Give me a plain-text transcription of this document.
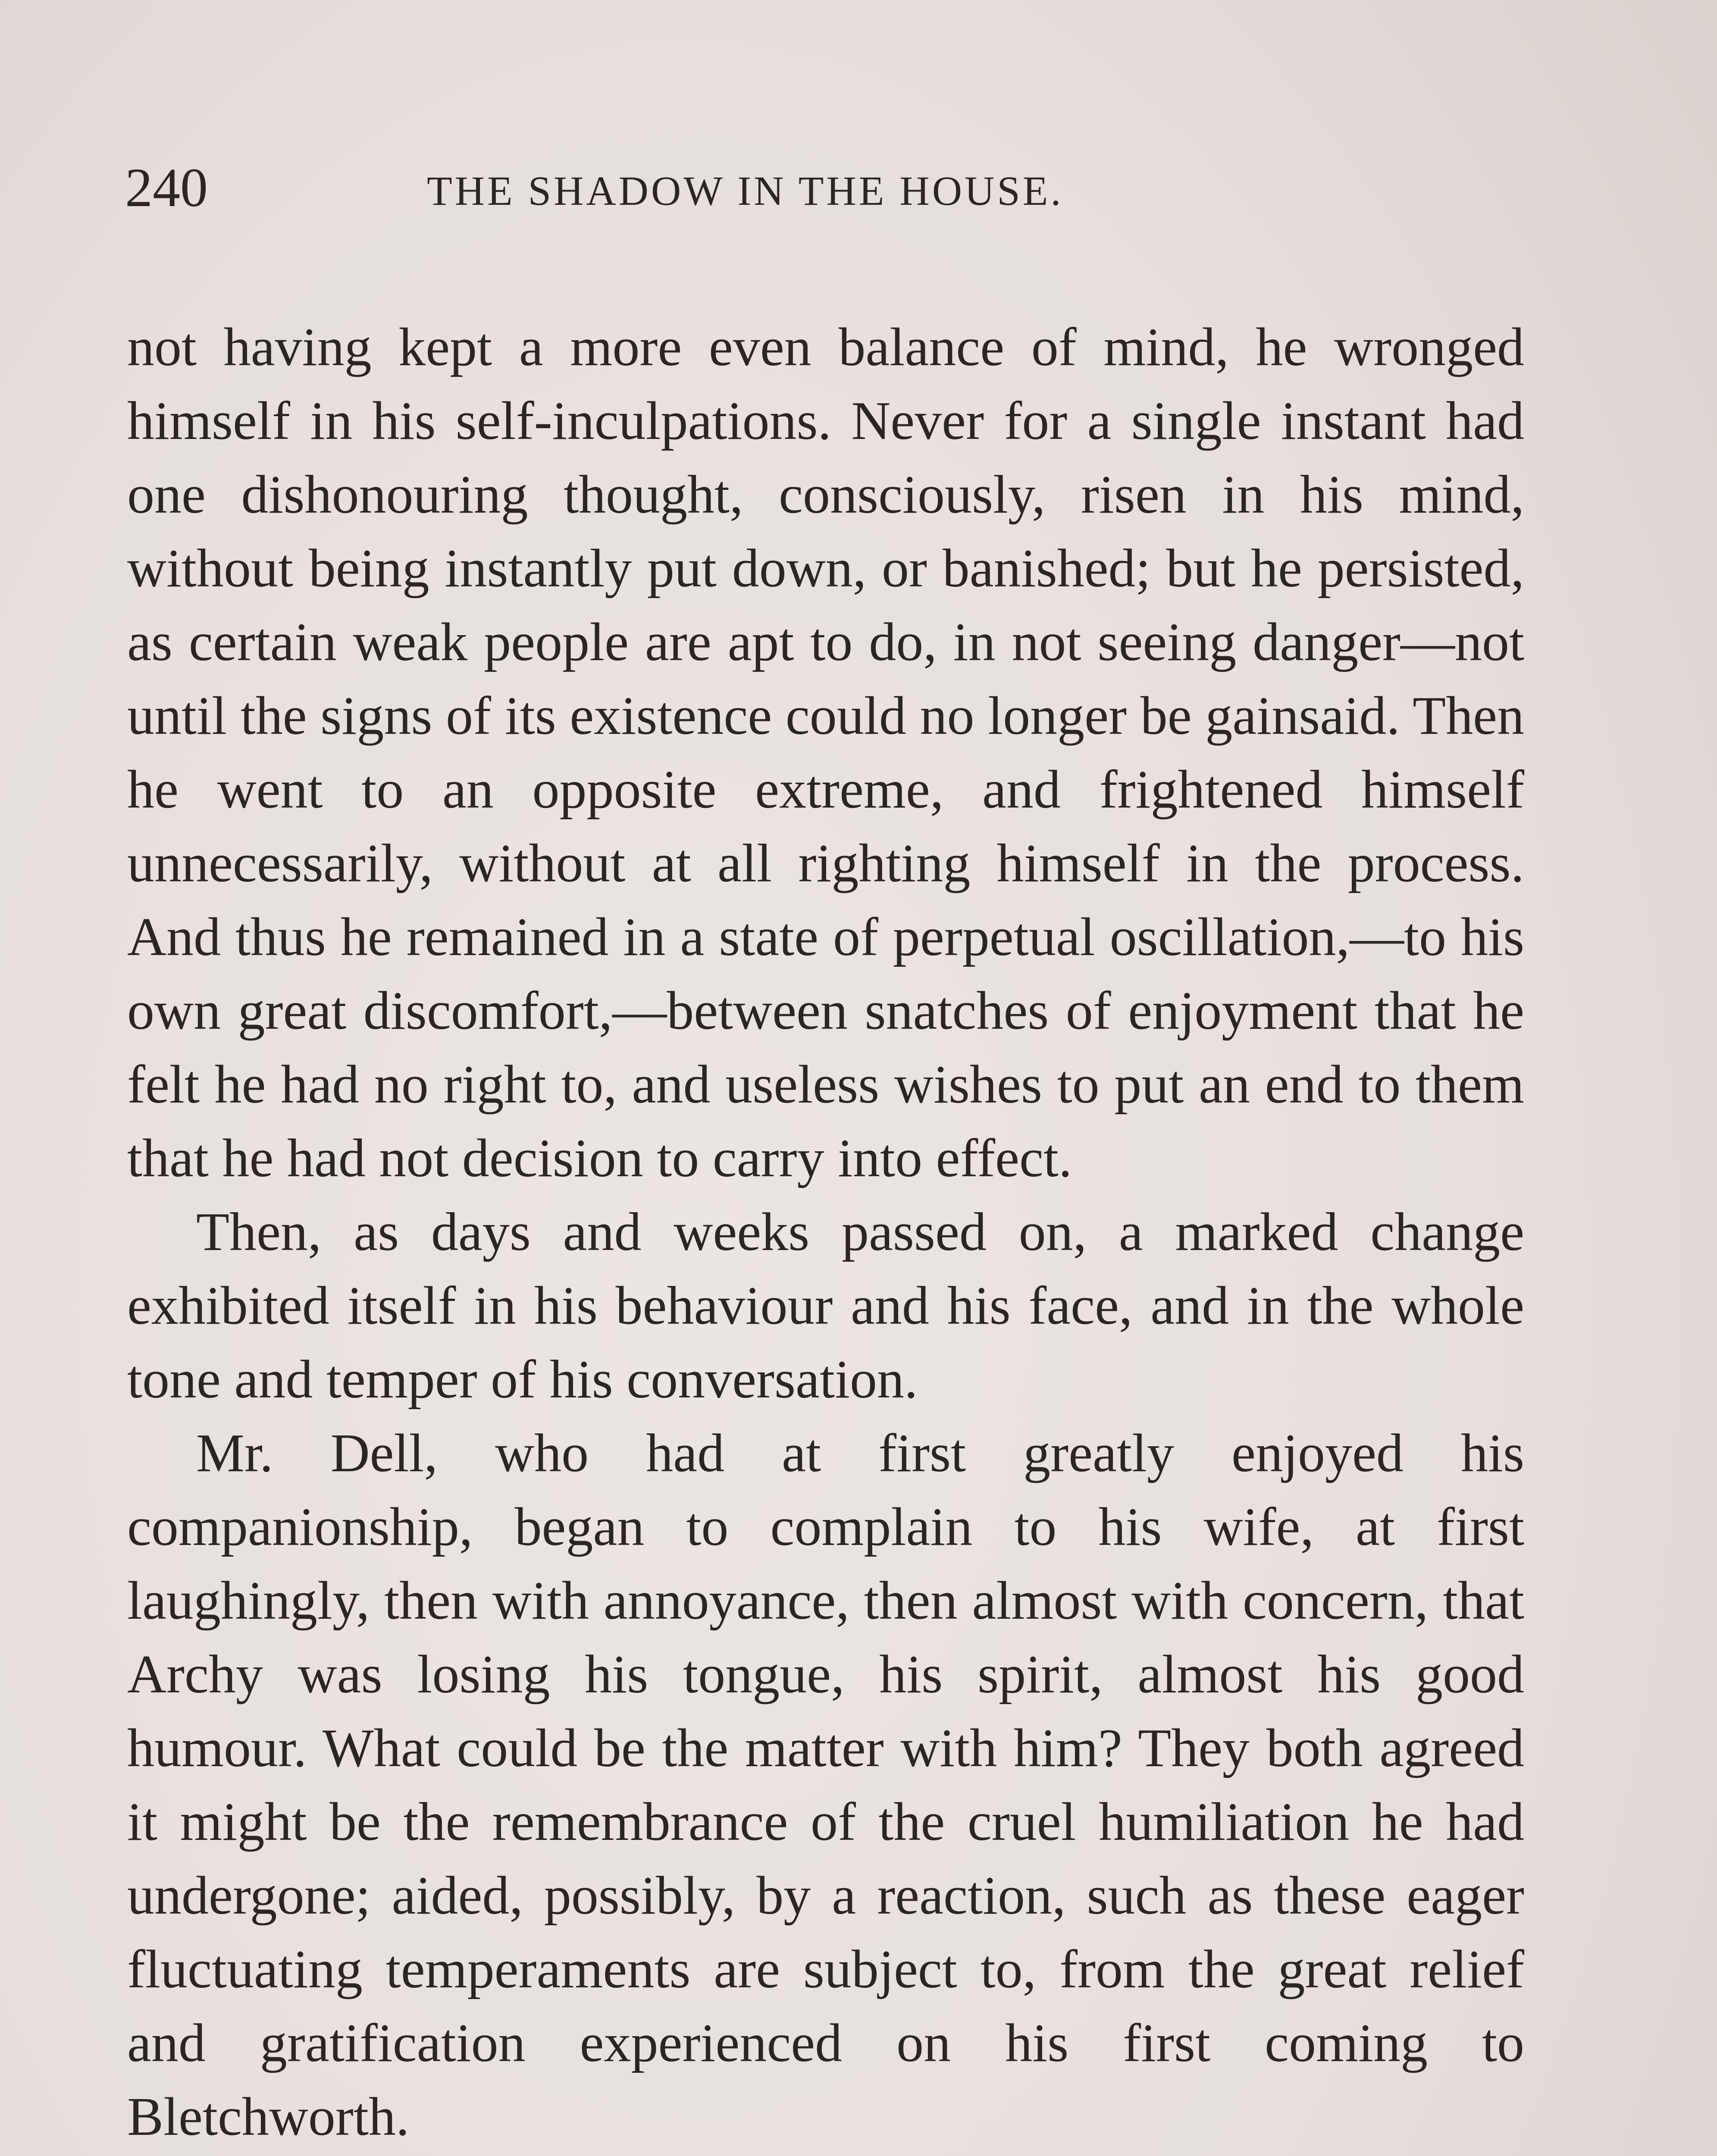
240	THE SHADOW IN THE HOUSE.

not having kept a more even balance of mind, he wronged himself in his self-inculpations. Never for a single instant had one dishonouring thought, consciously, risen in his mind, without being instantly put down, or banished; but he persisted, as certain weak people are apt to do, in not seeing danger—not until the signs of its existence could no longer be gainsaid. Then he went to an opposite extreme, and frightened himself unnecessarily, without at all righting himself in the process. And thus he remained in a state of perpetual oscillation,—to his own great discomfort,—between snatches of enjoyment that he felt he had no right to, and useless wishes to put an end to them that he had not decision to carry into effect.

Then, as days and weeks passed on, a marked change exhibited itself in his behaviour and his face, and in the whole tone and temper of his conversation.

Mr. Dell, who had at first greatly enjoyed his companionship, began to complain to his wife, at first laughingly, then with annoyance, then almost with concern, that Archy was losing his tongue, his spirit, almost his good humour. What could be the matter with him? They both agreed it might be the remembrance of the cruel humiliation he had undergone; aided, possibly, by a reaction, such as these eager fluctuating temperaments are subject to, from the great relief and gratification experienced on his first coming to Bletchworth.
